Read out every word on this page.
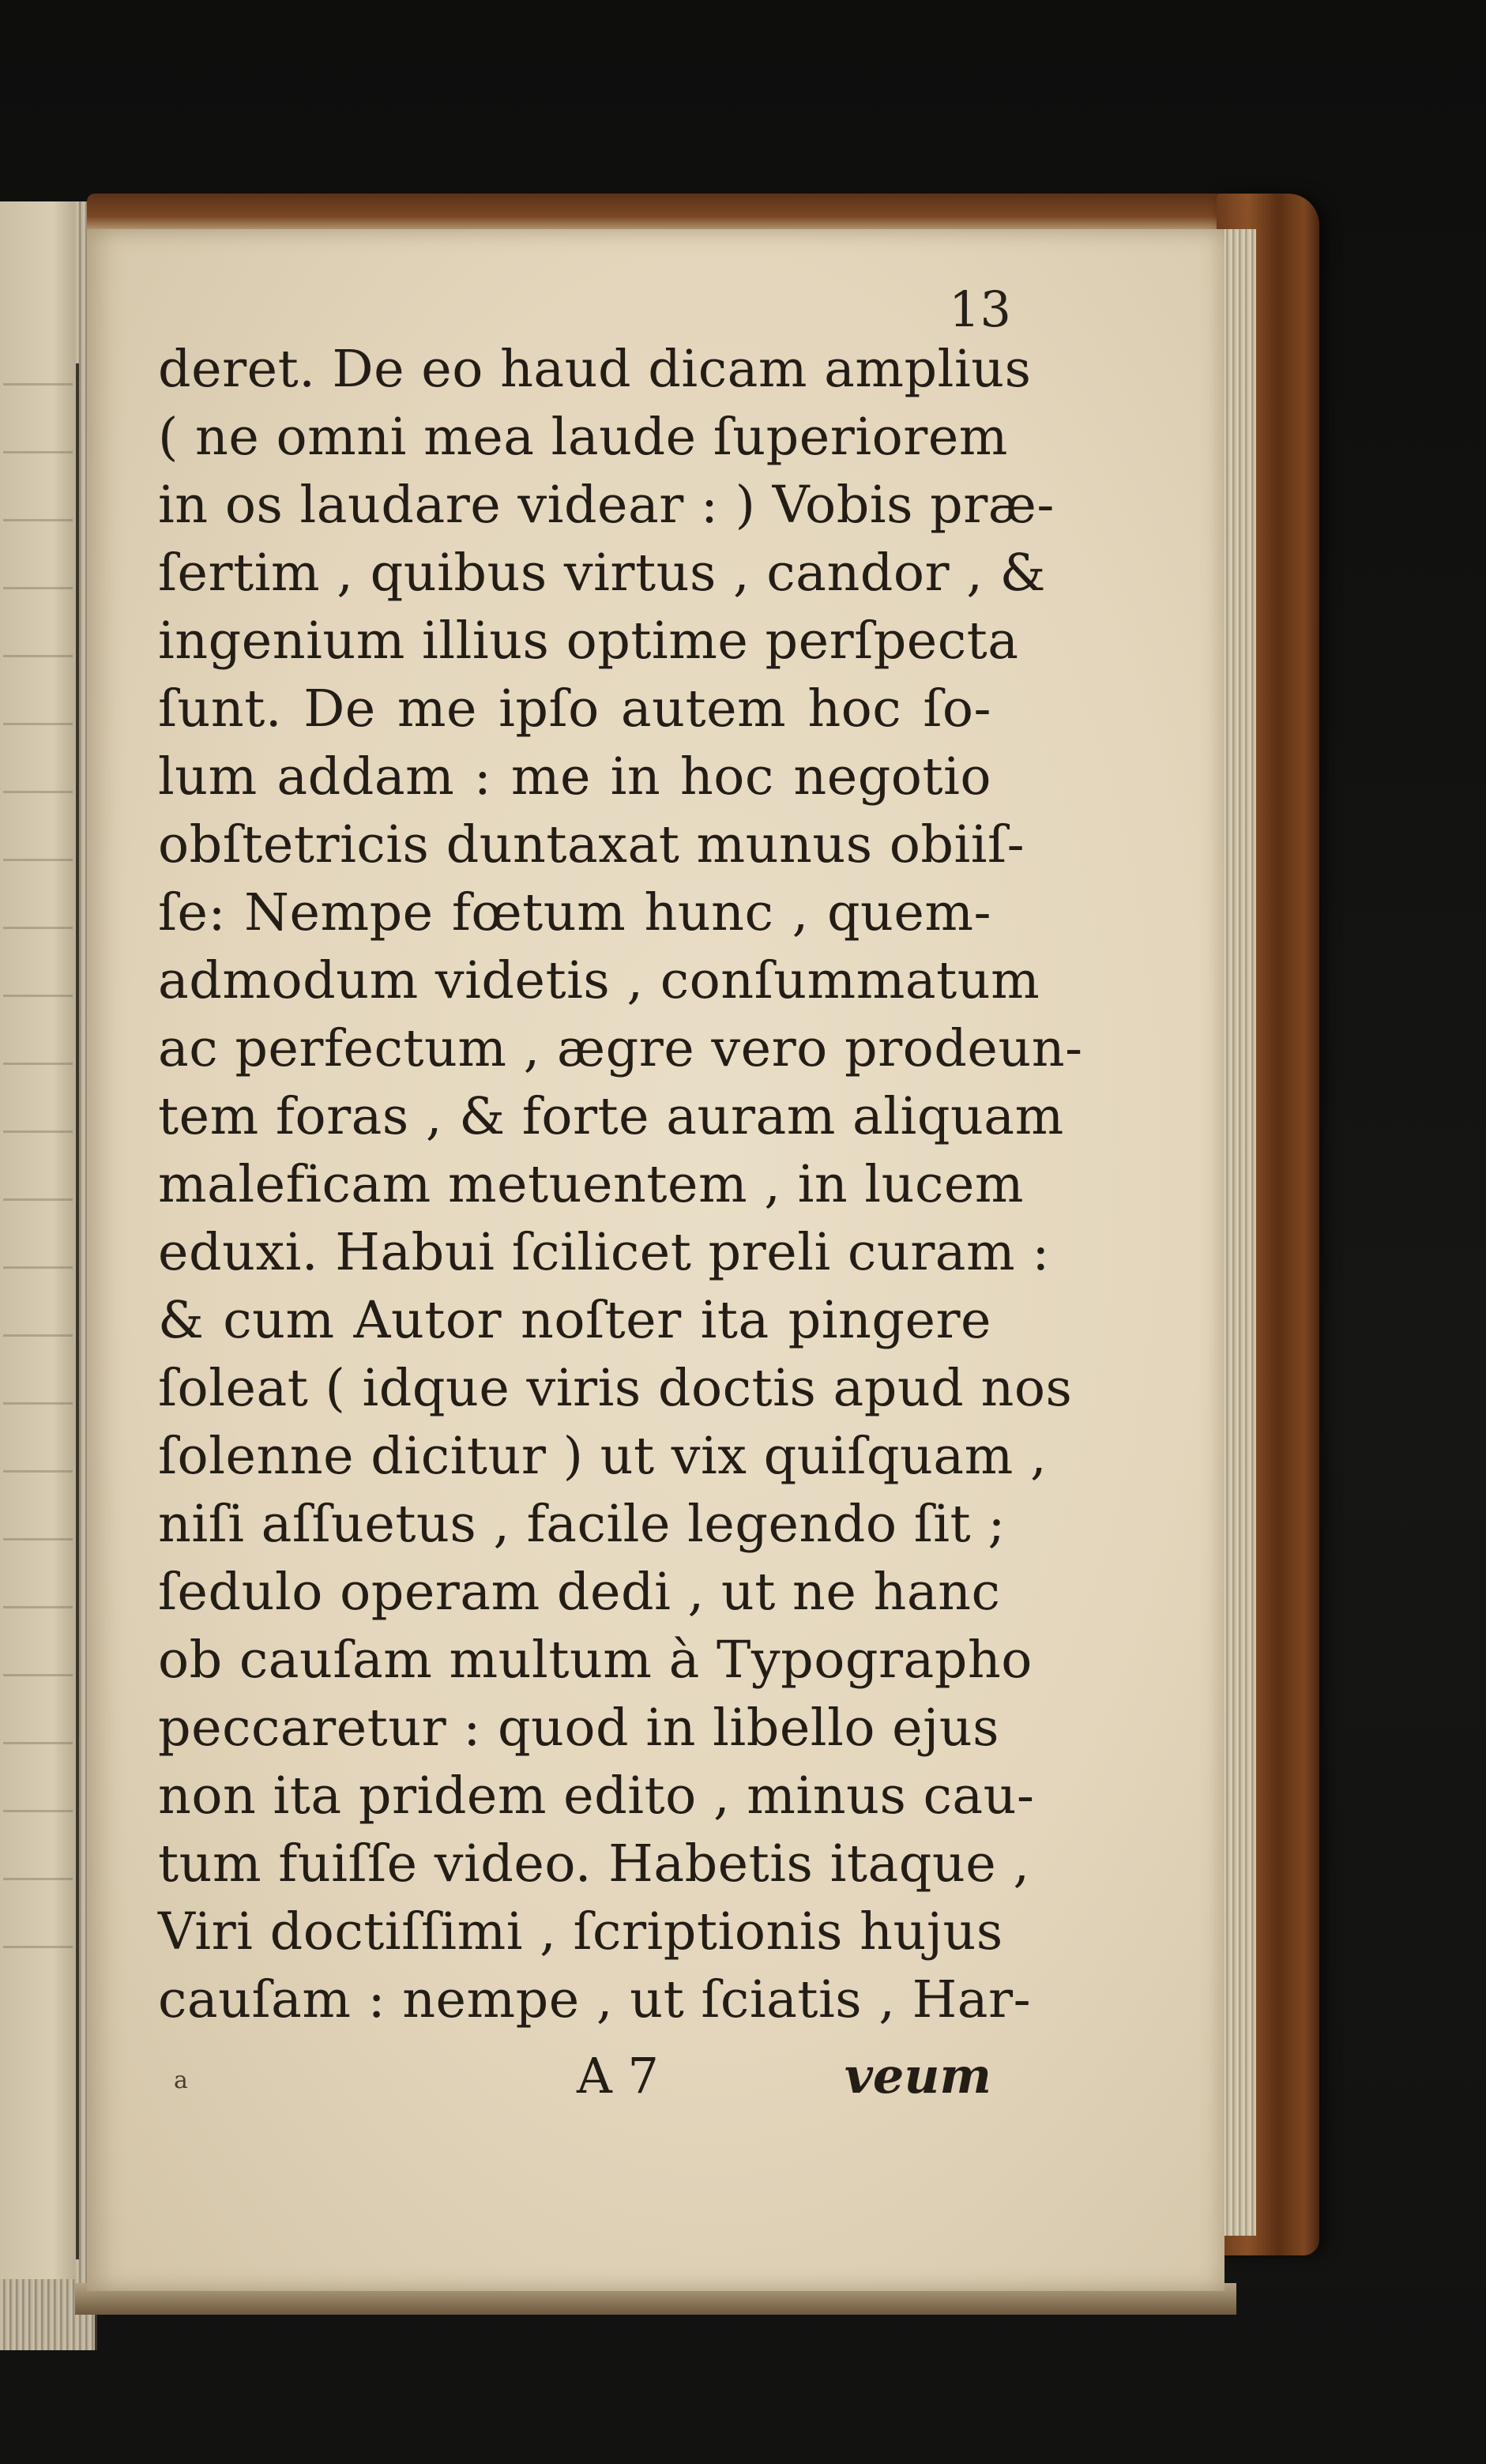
13
deret. De eo haud dicam amplius
( ne omni mea laude ſuperiorem
in os laudare videar : ) Vobis præ-
ſertim , quibus virtus , candor , &
ingenium illius optime perſpecta
ſunt. De me ipſo autem hoc ſo-
lum addam : me in hoc negotio
obſtetricis duntaxat munus obiiſ-
ſe: Nempe fœtum hunc , quem-
admodum videtis , conſummatum
ac perfectum , ægre vero prodeun-
tem foras , & forte auram aliquam
maleficam metuentem , in lucem
eduxi. Habui ſcilicet preli curam :
& cum Autor noſter ita pingere
ſoleat ( idque viris doctis apud nos
ſolenne dicitur ) ut vix quiſquam ,
niſi aſſuetus , facile legendo ſit ;
ſedulo operam dedi , ut ne hanc
ob cauſam multum à Typographo
peccaretur : quod in libello ejus
non ita pridem edito , minus cau-
tum fuiſſe video. Habetis itaque ,
Viri doctiſſimi , ſcriptionis hujus
cauſam : nempe , ut ſciatis , Har-
a	A 7	veum
